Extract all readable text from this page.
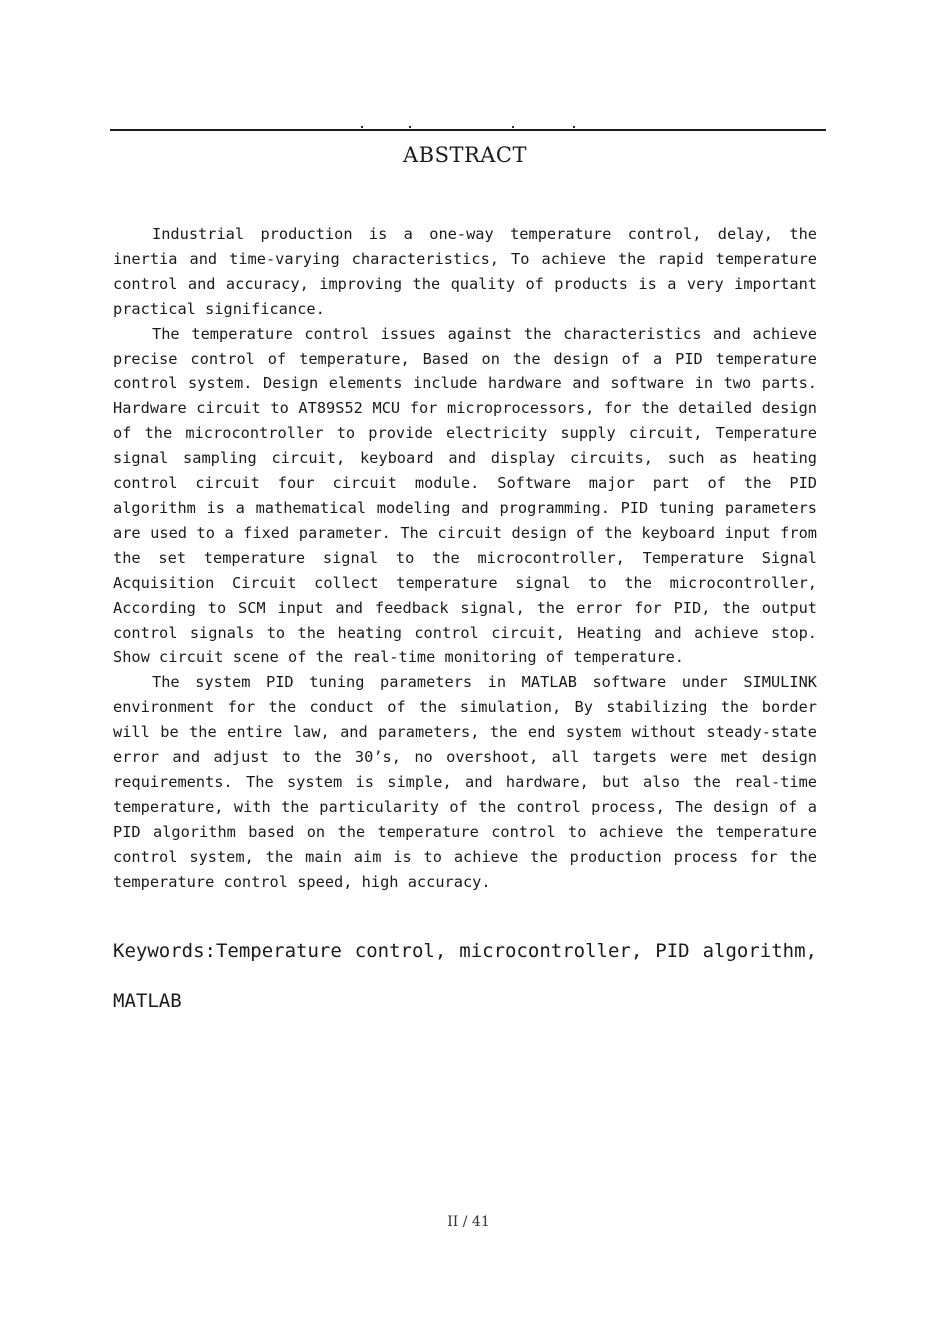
ABSTRACT

Industrial production is a one-way temperature control, delay, the inertia and time-varying characteristics, To achieve the rapid temperature control and accuracy, improving the quality of products is a very important practical significance.

The temperature control issues against the characteristics and achieve precise control of temperature, Based on the design of a PID temperature control system. Design elements include hardware and software in two parts. Hardware circuit to AT89S52 MCU for microprocessors, for the detailed design of the microcontroller to provide electricity supply circuit, Temperature signal sampling circuit, keyboard and display circuits, such as heating control circuit four circuit module. Software major part of the PID algorithm is a mathematical modeling and programming. PID tuning parameters are used to a fixed parameter. The circuit design of the keyboard input from the set temperature signal to the microcontroller, Temperature Signal Acquisition Circuit collect temperature signal to the microcontroller, According to SCM input and feedback signal, the error for PID, the output control signals to the heating control circuit, Heating and achieve stop. Show circuit scene of the real-time monitoring of temperature.

The system PID tuning parameters in MATLAB software under SIMULINK environment for the conduct of the simulation, By stabilizing the border will be the entire law, and parameters, the end system without steady-state error and adjust to the 30’s, no overshoot, all targets were met design requirements. The system is simple, and hardware, but also the real-time temperature, with the particularity of the control process, The design of a PID algorithm based on the temperature control to achieve the temperature control system, the main aim is to achieve the production process for the temperature control speed, high accuracy.

Keywords:Temperature control, microcontroller, PID algorithm,
MATLAB
II / 41
